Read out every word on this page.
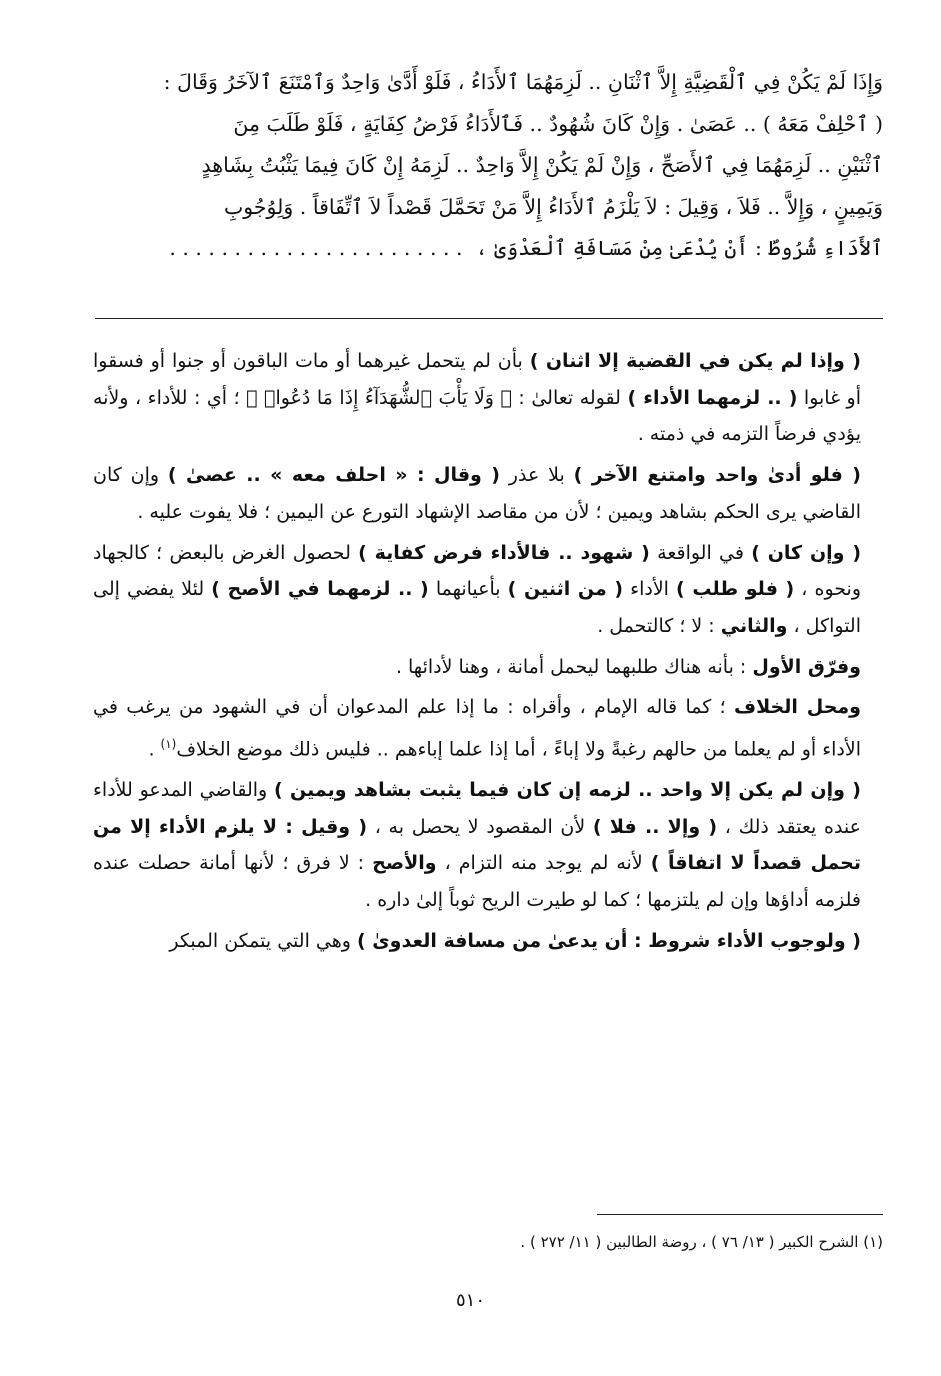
وَإِذَا لَمْ يَكُنْ فِي ٱلْقَضِيَّةِ إِلاَّ ٱثْنَانِ .. لَزِمَهُمَا ٱلأَدَاءُ ، فَلَوْ أَدَّىٰ وَاحِدٌ وَٱمْتَنَعَ ٱلآخَرُ وَقَالَ :
( ٱحْلِفْ مَعَهُ ) .. عَصَىٰ . وَإِنْ كَانَ شُهُودٌ .. فَٱلأَدَاءُ فَرْضُ كِفَايَةٍ ، فَلَوْ طَلَبَ مِنَ
ٱثْنَيْنِ .. لَزِمَهُمَا فِي ٱلأَصَحِّ ، وَإِنْ لَمْ يَكُنْ إِلاَّ وَاحِدٌ .. لَزِمَهُ إِنْ كَانَ فِيمَا يَثْبُتُ بِشَاهِدٍ
وَيَمِينٍ ، وَإِلاَّ .. فَلاَ ، وَقِيلَ : لاَ يَلْزَمُ ٱلأَدَاءُ إِلاَّ مَنْ تَحَمَّلَ قَصْداً لاَ ٱتِّفَاقاً . وَلِوُجُوبِ
ٱلأَدَاءِ شُرُوطٌ : أَنْ يُدْعَىٰ مِنْ مَسَافَةِ ٱلْعَدْوَىٰ ،  . . . . . . . . . . . . . . . . . . . . . . .

( وإذا لم يكن في القضية إلا اثنان ) بأن لم يتحمل غيرهما أو مات الباقون أو جنوا أو فسقوا أو غابوا ( .. لزمهما الأداء ) لقوله تعالىٰ : ﴿ وَلَا يَأْبَ ٱلشُّهَدَآءُ إِذَا مَا دُعُوا۟ ﴾ ؛ أي : للأداء ، ولأنه يؤدي فرضاً التزمه في ذمته .

( فلو أدىٰ واحد وامتنع الآخر ) بلا عذر ( وقال : « احلف معه » .. عصىٰ ) وإن كان القاضي يرى الحكم بشاهد ويمين ؛ لأن من مقاصد الإشهاد التورع عن اليمين ؛ فلا يفوت عليه .

( وإن كان ) في الواقعة ( شهود .. فالأداء فرض كفاية ) لحصول الغرض بالبعض ؛ كالجهاد ونحوه ، ( فلو طلب ) الأداء ( من اثنين ) بأعيانهما ( .. لزمهما في الأصح ) لئلا يفضي إلى التواكل ، والثاني : لا ؛ كالتحمل .

وفرّق الأول : بأنه هناك طلبهما ليحمل أمانة ، وهنا لأدائها .

ومحل الخلاف ؛ كما قاله الإمام ، وأقراه : ما إذا علم المدعوان أن في الشهود من يرغب في الأداء أو لم يعلما من حالهم رغبةً ولا إباءً ، أما إذا علما إباءهم .. فليس ذلك موضع الخلاف$^{(١)}$ .

( وإن لم يكن إلا واحد .. لزمه إن كان فيما يثبت بشاهد ويمين ) والقاضي المدعو للأداء عنده يعتقد ذلك ، ( وإلا .. فلا ) لأن المقصود لا يحصل به ، ( وقيل : لا يلزم الأداء إلا من تحمل قصداً لا اتفاقاً ) لأنه لم يوجد منه التزام ، والأصح : لا فرق ؛ لأنها أمانة حصلت عنده فلزمه أداؤها وإن لم يلتزمها ؛ كما لو طيرت الريح ثوباً إلىٰ داره .

( ولوجوب الأداء شروط : أن يدعىٰ من مسافة العدوىٰ ) وهي التي يتمكن المبكر

(١) الشرح الكبير ( ١٣/ ٧٦ ) ، روضة الطالبين ( ١١/ ٢٧٢ ) .
٥١٠
